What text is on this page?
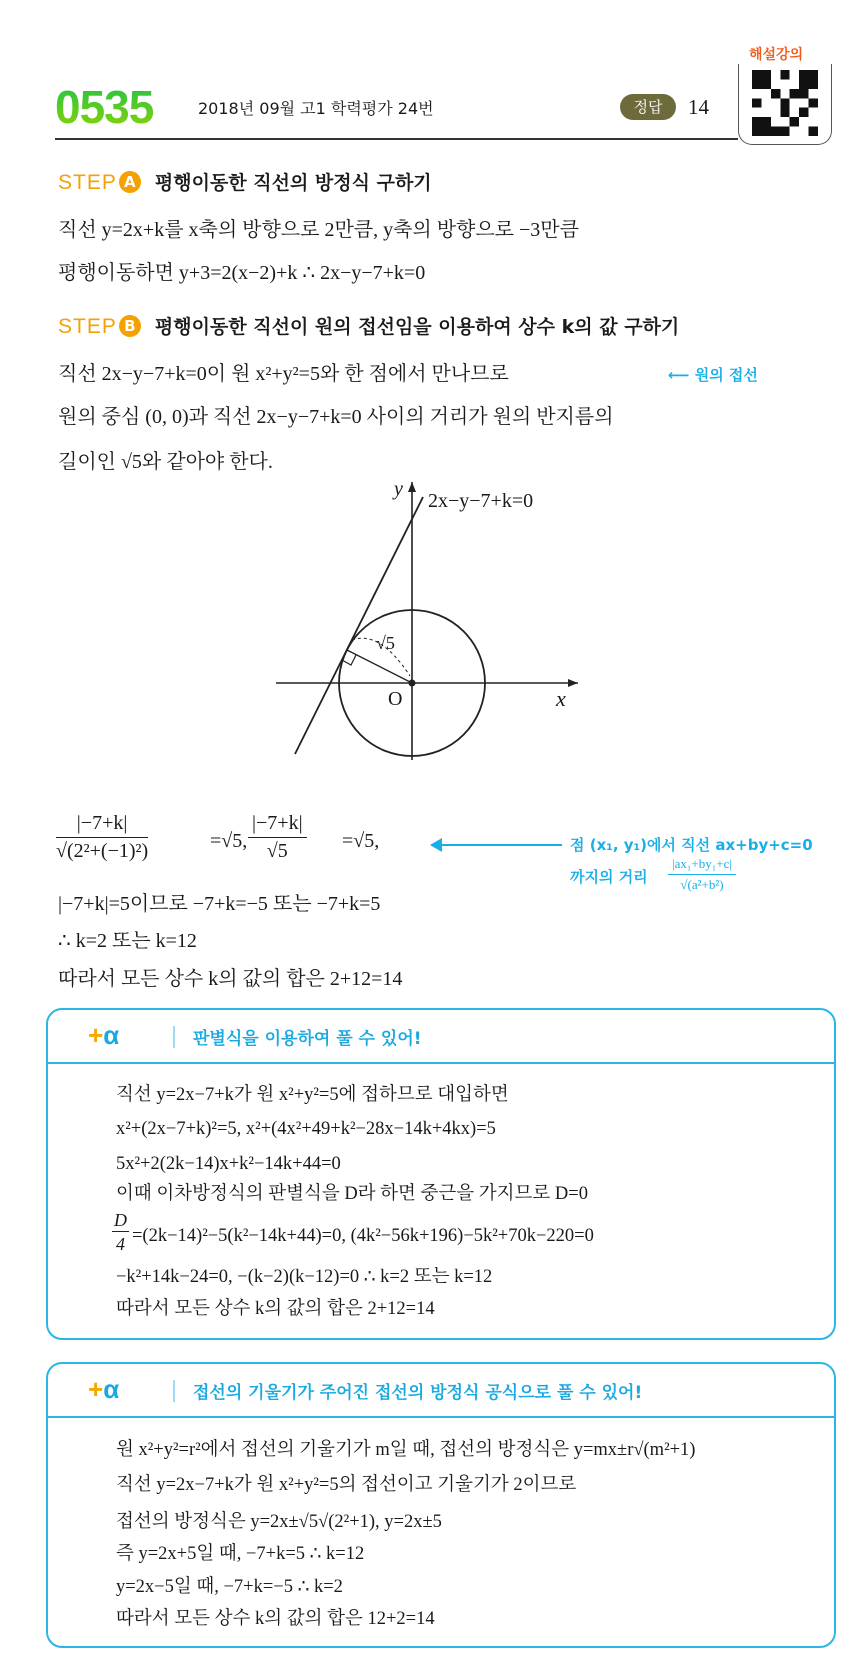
0535	2018년 09월 고1 학력평가 24번	정답	14
해설강의
STEP A 평행이동한 직선의 방정식 구하기
직선 y=2x+k를 x축의 방향으로 2만큼, y축의 방향으로 −3만큼
평행이동하면 y+3=2(x−2)+k ∴ 2x−y−7+k=0
STEP B 평행이동한 직선이 원의 접선임을 이용하여 상수 k의 값 구하기
직선 2x−y−7+k=0이 원 x²+y²=5와 한 점에서 만나므로	⟵ 원의 접선
원의 중심 (0, 0)과 직선 2x−y−7+k=0 사이의 거리가 원의 반지름의
길이인 √5와 같아야 한다.
2x−y−7+k=0
y
x
O
√5
$\frac{|-7+k|}{\text{√(2²+(−1)²)}}$	=√5, $\frac{|-7+k|}{√5} =√5$,	점 (x₁, y₁)에서 직선 ax+by+c=0
까지의 거리 $\frac{\text{|ax₁+by₁+c|}}{\text{√(a²+b²)}}$
|−7+k|=5이므로 −7+k=−5 또는 −7+k=5
∴ k=2 또는 k=12
따라서 모든 상수 k의 값의 합은 2+12=14
+α	판별식을 이용하여 풀 수 있어!
직선 y=2x−7+k가 원 x²+y²=5에 접하므로 대입하면
x²+(2x−7+k)²=5, x²+(4x²+49+k²−28x−14k+4kx)=5
5x²+2(2k−14)x+k²−14k+44=0
이때 이차방정식의 판별식을 D라 하면 중근을 가지므로 D=0
$\frac{D}{4} =(2k-14)^2-5(k^2-14k+44)=0$, (4k²−56k+196)−5k²+70k−220=0
−k²+14k−24=0, −(k−2)(k−12)=0 ∴ k=2 또는 k=12
따라서 모든 상수 k의 값의 합은 2+12=14
+α	접선의 기울기가 주어진 접선의 방정식 공식으로 풀 수 있어!
원 x²+y²=r²에서 접선의 기울기가 m일 때, 접선의 방정식은 y=mx±r√(m²+1)
직선 y=2x−7+k가 원 x²+y²=5의 접선이고 기울기가 2이므로
접선의 방정식은 y=2x±√5√(2²+1), y=2x±5
즉 y=2x+5일 때, −7+k=5 ∴ k=12
y=2x−5일 때, −7+k=−5 ∴ k=2
따라서 모든 상수 k의 값의 합은 12+2=14
